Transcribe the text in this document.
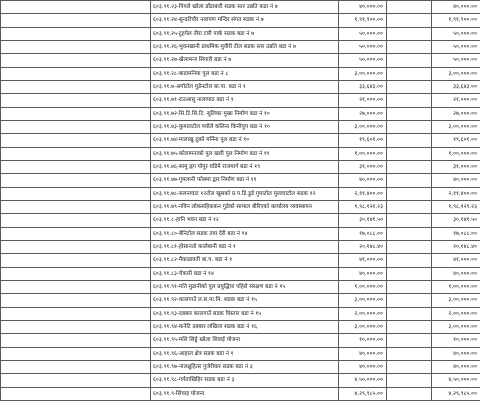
	६०३.९१.२३-पिपले खोला डाँडाबारी सडक स्तर उन्नति कडा नं ७	४०,०००.००		४०,०००.००
	६०३.९१.२४-सुन्दरीचौर नारायण मन्दिर संगत सडक नं ७	१,९१,९००.००		१,९१,९००.००
	६०३.९१.२५-टुहपेल तीरा टारी पार्क सडक बडा नं ७	५०,०००.००		५०,०००.००
	६०३.९१.२६-भुवनखानी प्राथमिक मुवीरी टील सडक स्तर उन्नति बडा नं ७	५०,०००.००		५०,०००.००
	६०३.९१.२७-खेलामन्त्र सिगारी बडा नं ७	५०,०००.००		५०,०००.००
	६०३.९१.२८-बाडामनिया पुल बडा नं ८	३,००,०००.००		३,००,०००.००
	६०३.९१.७-अर्गाटोल मुडेनटोल बा.पा. बडा नं १	३३,६४३.००		३३,६४३.००
	६०३.९१.७१-राउआसु नालापाठ बडा नं ९	२१,०००.००		२१,०००.००
	६०३.९१.७२-सि.टि.सि.टि. सुलिका मुखा निर्माण बडा नं १०	२७,०००.००		२७,०००.००
	६०३.९१.७३-कुमालटोल पयोले कलिना किनीचुप बडा नं १०	३,००,०००.००		३,००,०००.००
	६०३.९१.७४-मालाखु ठूको मर्निना पुल बडा नं १०	१९,६०१.००		१९,६०१.००
	६०३.९१.७५-कोलामनाको पुल खारी पुल निर्माण बडा नं ११	१,००,०००.००		१,००,०००.००
	६०३.९१.७६-सामु ह्लग पोपुर घडिमे राजमार्ग बडा नं १९	३१,०००.००		३१,०००.००
	६०३.९१.७७-गुमलानी फोक्मा द्वार निर्माण बडा नं ११	४०,०००.००		४०,०००.००
	६०३.९१.७८-सलनाघाट १२टोल खुसको प्र.प.डि.डुडे गुमाटोल मुलाघाटोल सडक १२	२,११,४००.००		२,११,४००.००
	६०३.९१.७९-नविन लोकसहिककन गुडेको सामाल बीरिएको कार्यालय व्यवस्थापन	१,९८,१२१.२३		१,९८,१२१.२३
	६०३.९१.८-हानि भवन बडा नं १२	३०,१४१.५०		३०,१४१.५०
	६०३.९१.८०-बेनिटोल सडक तवा देरी बडा नं १४	१७,०८८.००		१७,०८८.००
	६०३.९१.८१-होसानतो कालेबानी बडा नं १	२०,१४८.४०		२०,१४८.४०
	६०३.९१.८२-पैकाडावती बा.प. बडा नं १	४१,०००.००		४१,०००.००
	६०३.९१.८३-चेकारी बडा नं १४	४०,०००.००		४०,०००.००
	६०३.९१.९१-मति मुडानीको पुल प्रयुद्धिया पहिरो संरक्षण बडा नं १५	१,००,०००.००		१,००,०००.००
	६०३.९१.९२-कालगाउँ ल.स.मा.मि. सडक बडा नं १५	३,००,०००.००		३,००,०००.००
	६०३.९१.९३-दबबार कालगाउँ सडक विस्तार बडा नं १५	२,००,०००.००		२,००,०००.००
	६०३.९१.९४-कनेटि दबबार लखिला सडक बडा नं १६	३,००,०००.००		३,००,०००.००
	६०३.९१.९५-मलि सिड्डे खोला सिवाई योजना	१०,०००.००		१०,०००.००
	६०३.९१.९६-आहाल क्षेत्र सडक बडा नं १	४०,०००.००		४०,०००.००
	६०३.९१.९७-नालक्षुहितर गुजेरीवार सडक बडा नं ३	४०,०००.००		४०,०००.००
	६०३.९१.९८-गर्गताखिहिर सडक बडा नं ३	४,५०,०००.००		४,५०,०००.००
	६०३.९१.९-सिंचाइ योजना	४,२९,९८५.००		४,२९,९८५.००
